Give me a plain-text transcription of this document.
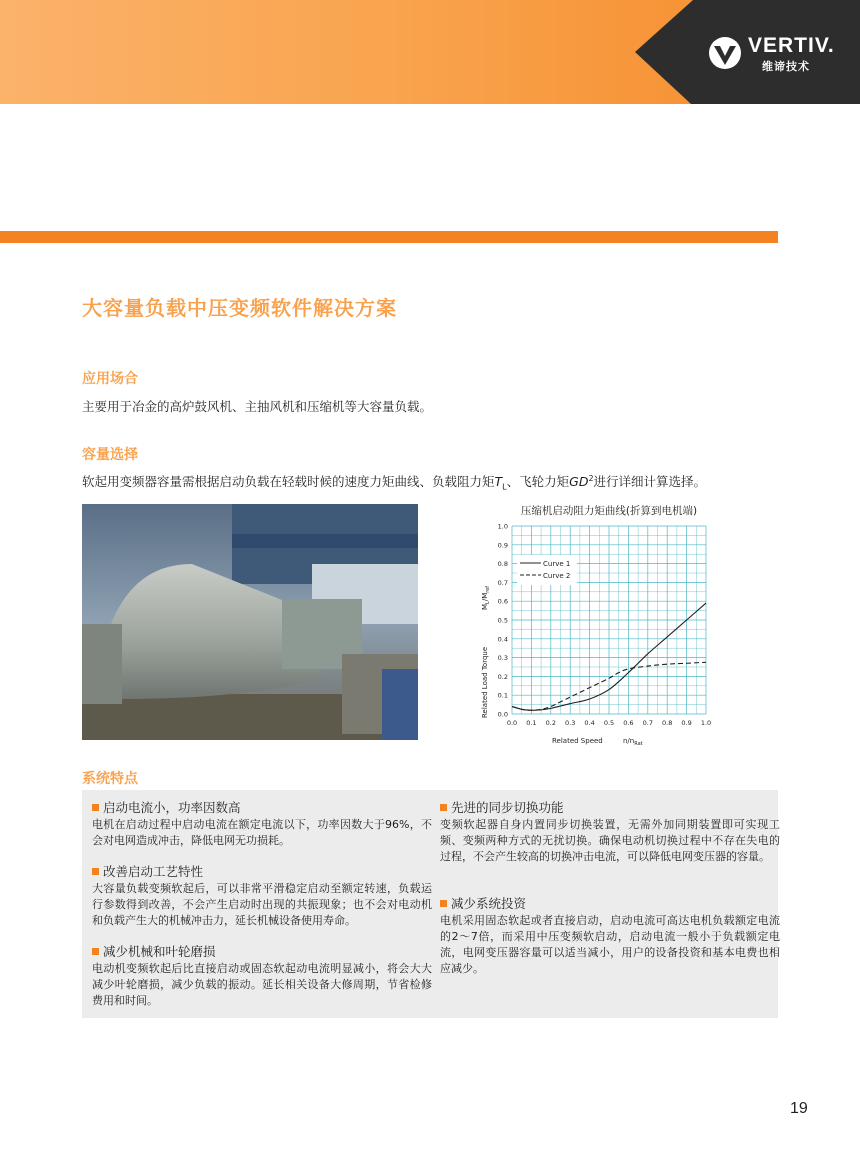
VERTIV.
维谛技术
大容量负载中压变频软件解决方案
应用场合
主要用于冶金的高炉鼓风机、主抽风机和压缩机等大容量负载。
容量选择
软起用变频器容量需根据启动负载在轻载时候的速度力矩曲线、负载阻力矩$T_L$、飞轮力矩$GD^2$进行详细计算选择。
压缩机启动阻力矩曲线(折算到电机端)
0.0 0.1 0.2 0.3 0.4 0.5 0.6 0.7 0.8 0.9 1.0
0.0
0.1
0.2
0.3
0.4
0.5
0.6
0.7
0.8
0.9
1.0
Curve 1
Curve 2
Related Speed	$n/n_{Rat}$
Related Load Torque
$M_L/M_{ref}$
系统特点
启动电流小，功率因数高
电机在启动过程中启动电流在额定电流以下，功率因数大于96%，不会对电网造成冲击，降低电网无功损耗。
改善启动工艺特性
大容量负载变频软起后，可以非常平滑稳定启动至额定转速，负载运行参数得到改善，不会产生启动时出现的共振现象；也不会对电动机和负载产生大的机械冲击力，延长机械设备使用寿命。
减少机械和叶轮磨损
电动机变频软起后比直接启动或固态软起动电流明显减小，将会大大减少叶轮磨损，减少负载的振动。延长相关设备大修周期，节省检修费用和时间。
先进的同步切换功能
变频软起器自身内置同步切换装置，无需外加同期装置即可实现工频、变频两种方式的无扰切换。确保电动机切换过程中不存在失电的过程，不会产生较高的切换冲击电流，可以降低电网变压器的容量。
减少系统投资
电机采用固态软起或者直接启动，启动电流可高达电机负载额定电流的2～7倍，而采用中压变频软启动，启动电流一般小于负载额定电流，电网变压器容量可以适当减小，用户的设备投资和基本电费也相应减少。
19
